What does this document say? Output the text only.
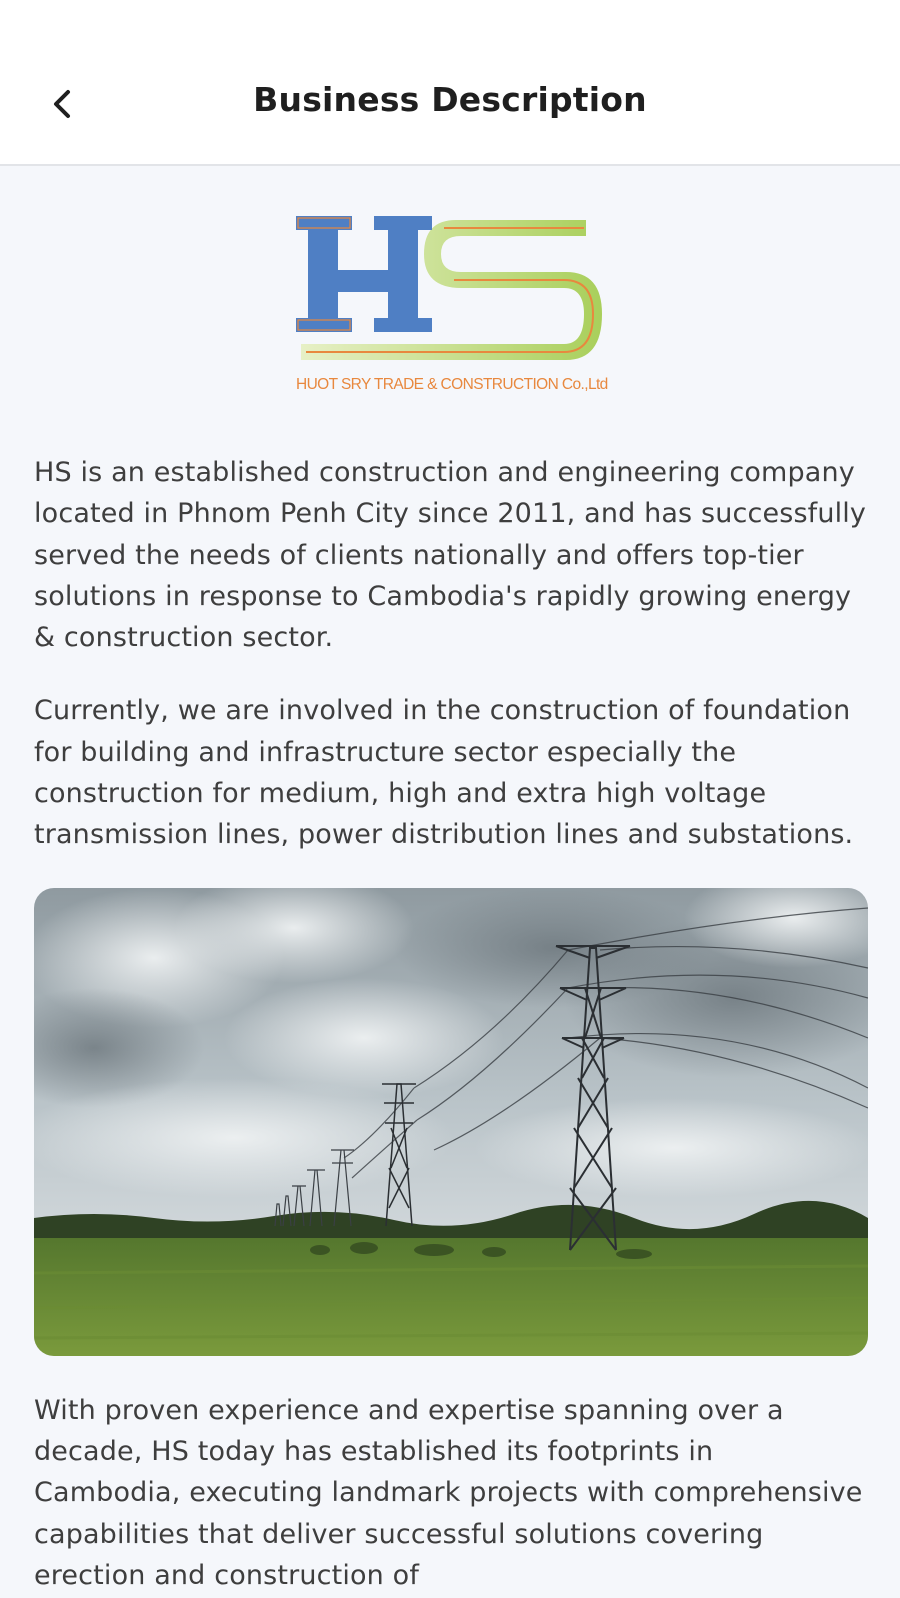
Business Description
HUOT SRY TRADE & CONSTRUCTION Co.,Ltd

HS is an established construction and engineering company located in Phnom Penh City since 2011, and has successfully served the needs of clients nationally and offers top-tier solutions in response to Cambodia's rapidly growing energy & construction sector.

Currently, we are involved in the construction of foundation for building and infrastructure sector especially the construction for medium, high and extra high voltage transmission lines, power distribution lines and substations.

With proven experience and expertise spanning over a decade, HS today has established its footprints in Cambodia, executing landmark projects with comprehensive capabilities that deliver successful solutions covering erection and construction of
